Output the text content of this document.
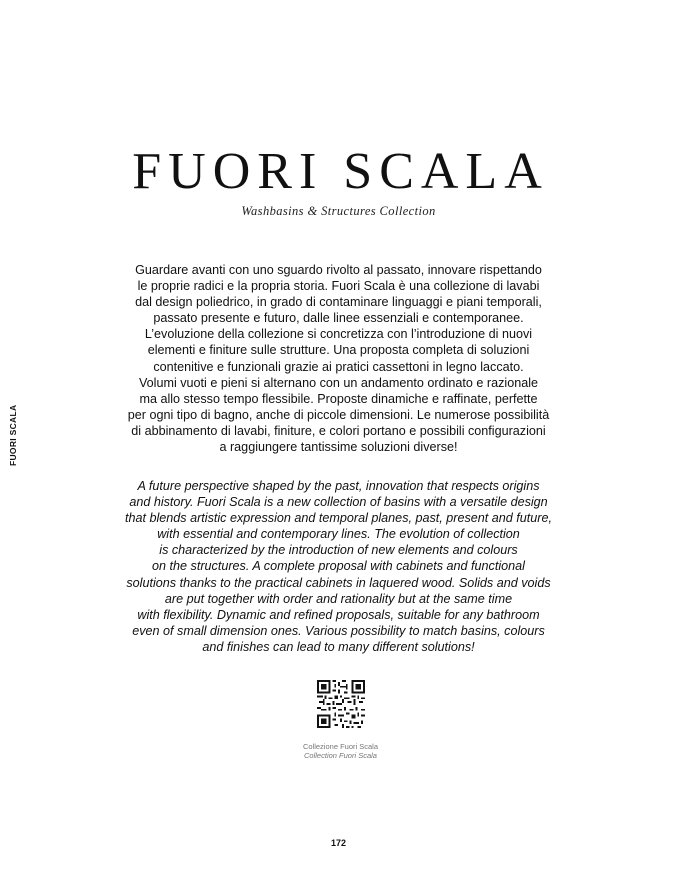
FUORI SCALA
FUORI SCALA
Washbasins & Structures Collection
Guardare avanti con uno sguardo rivolto al passato, innovare rispettando
le proprie radici e la propria storia. Fuori Scala è una collezione di lavabi
dal design poliedrico, in grado di contaminare linguaggi e piani temporali,
passato presente e futuro, dalle linee essenziali e contemporanee.
L’evoluzione della collezione si concretizza con l’introduzione di nuovi
elementi e finiture sulle strutture. Una proposta completa di soluzioni
contenitive e funzionali grazie ai pratici cassettoni in legno laccato.
Volumi vuoti e pieni si alternano con un andamento ordinato e razionale
ma allo stesso tempo flessibile. Proposte dinamiche e raffinate, perfette
per ogni tipo di bagno, anche di piccole dimensioni. Le numerose possibilità
di abbinamento di lavabi, finiture, e colori portano e possibili configurazioni
a raggiungere tantissime soluzioni diverse!
A future perspective shaped by the past, innovation that respects origins
and history. Fuori Scala is a new collection of basins with a versatile design
that blends artistic expression and temporal planes, past, present and future,
with essential and contemporary lines. The evolution of collection
is characterized by the introduction of new elements and colours
on the structures. A complete proposal with cabinets and functional
solutions thanks to the practical cabinets in laquered wood. Solids and voids
are put together with order and rationality but at the same time
with flexibility. Dynamic and refined proposals, suitable for any bathroom
even of small dimension ones. Various possibility to match basins, colours
and finishes can lead to many different solutions!
Collezione Fuori Scala
Collection Fuori Scala
172
